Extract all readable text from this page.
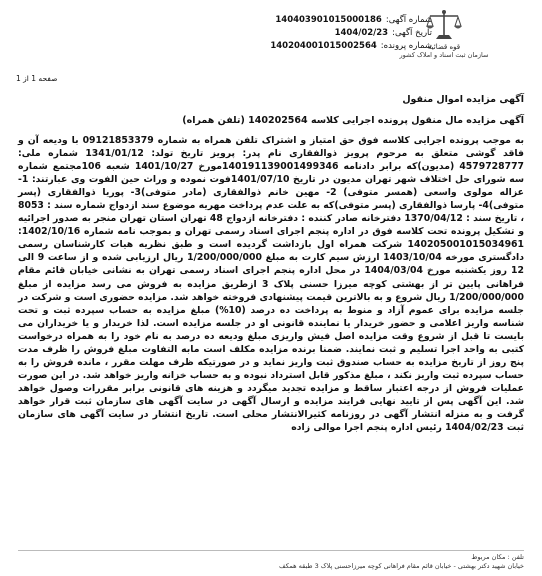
شماره آگهی:140403901015000186
تاریخ آگهی:1404/02/23
شماره پرونده:140204001015002564	قوه قضائیه
سازمان ثبت اسناد و املاک کشور
صفحه 1 از 1
آگهی مزایده اموال منقول
آگهی مزایده مال منقول پرونده اجرایی کلاسه 140202564 (تلفن همراه)
به موجب پرونده اجرایی کلاسه فوق حق امتیاز و اشتراک تلفن همراه به شماره 09121853379 با ودیعه آن و فاقد گوشی متعلق به مرحوم پرویز ذوالفقاری نام پدر: پرویز تاریخ تولد: 1341/01/12 شماره ملی: 4579728777 (مدیون)که برابر دادنامه 140191139001499346مورخ 1401/10/27 شعبه 106مجتمع شماره سه شورای حل اختلاف شهر تهران مدیون در تاریخ 1401/07/10فوت نموده و وراث حین الفوت وی عبارتند: 1- عزاله مولوی واسعی (همسر متوفی) 2- مهین خانم ذوالفقاری (مادر متوفی)3- پوریا ذوالفقاری (پسر متوفی)4- پارسا ذوالفقاری (پسر متوفی)که به علت عدم پرداخت مهریه موضوع سند ازدواج شماره سند : 8053 ، تاریخ سند : 1370/04/12 دفترخانه صادر کننده : دفترخانه ازدواج 48 تهران استان تهران منجر به صدور اجرائیه و تشکیل پرونده تحت کلاسه فوق در اداره پنجم اجرای اسناد رسمی تهران و بموجب نامه شماره 1402/10/16: 140205001015034961 شرکت همراه اول بازداشت گردیده است و طبق نظریه هیات کارشناسان رسمی دادگستری مورخه 1403/10/04 ارزش سیم کارت به مبلغ 1/200/000/000 ریال ارزیابی شده و از ساعت 9 الی 12 روز یکشنبه مورخ 1404/03/04 در محل اداره پنجم اجرای اسناد رسمی تهران به نشانی خیابان قائم مقام فراهانی پایین تر از بهشتی کوچه میرزا حسنی پلاک 3 ازطریق مزایده به فروش می رسد مزایده از مبلغ 1/200/000/000 ریال شروع و به بالاترین قیمت پیشنهادی فروخته خواهد شد. مزایده حضوری است و شرکت در جلسه مزایده برای عموم آزاد و منوط به پرداخت ده درصد (10%) مبلغ مزایده به حساب سپرده ثبت و تحت شناسه واریز اعلامی و حضور خریدار یا نماینده قانونی او در جلسه مزایده است. لذا خریدار و یا خریداران می بایست تا قبل از شروع وقت مزایده اصل فیش واریزی مبلغ ودیعه ده درصد به نام خود را به همراه درخواست کتبی به واحد اجرا تسلیم و ثبت نمایند. ضمنا برنده مزایده مکلف است مابه التفاوت مبلغ فروش را ظرف مدت پنج روز از تاریخ مزایده به حساب صندوق ثبت واریز نماید و در صورتیکه ظرف مهلت مقرر ، مانده فروش را به حساب سپرده ثبت واریز نکند ، مبلغ مذکور قابل استرداد نبوده و به حساب خزانه واریز خواهد شد. در این صورت عملیات فروش از درجه اعتبار ساقط و مزایده تجدید میگردد و هزینه های قانونی برابر مقررات وصول خواهد شد. این آگهی پس از تایید نهایی فرایند مزایده و ارسال آگهی در سایت آگهی های سازمان ثبت قرار خواهد گرفت و به منزله انتشار آگهی در روزنامه کثیرالانتشار محلی است. تاریخ انتشار در سایت آگهی های سازمان ثبت 1404/02/23 رئیس اداره پنجم اجرا موالی زاده
تلفن : مکان مربوط
خیابان شهید دکتر بهشتی - خیابان قائم مقام فراهانی کوچه میرزاحسنی پلاک 3 طبقه همکف
